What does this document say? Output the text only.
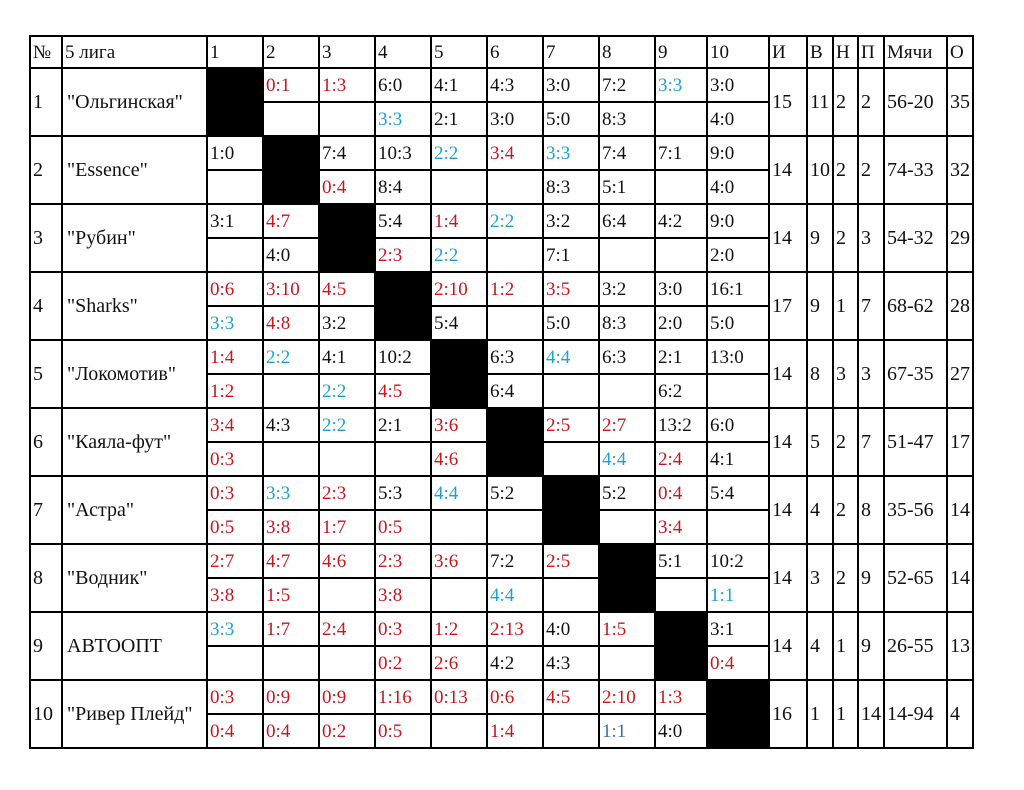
№	5 лига	1	2	3	4	5	6	7	8	9	10	И	В	Н	П	Мячи	О
1	"Ольгинская"		0:1	1:3	6:0	4:1	4:3	3:0	7:2	3:3	3:0	15	11	2	2	56-20	35
					3:3	2:1	3:0	5:0	8:3		4:0						
2	"Essence"	1:0		7:4	10:3	2:2	3:4	3:3	7:4	7:1	9:0	14	10	2	2	74-33	32
				0:4	8:4			8:3	5:1		4:0						
3	"Рубин"	3:1	4:7		5:4	1:4	2:2	3:2	6:4	4:2	9:0	14	9	2	3	54-32	29
			4:0		2:3	2:2		7:1			2:0						
4	"Sharks"	0:6	3:10	4:5		2:10	1:2	3:5	3:2	3:0	16:1	17	9	1	7	68-62	28
		3:3	4:8	3:2		5:4		5:0	8:3	2:0	5:0						
5	"Локомотив"	1:4	2:2	4:1	10:2		6:3	4:4	6:3	2:1	13:0	14	8	3	3	67-35	27
		1:2		2:2	4:5		6:4			6:2							
6	"Каяла-фут"	3:4	4:3	2:2	2:1	3:6		2:5	2:7	13:2	6:0	14	5	2	7	51-47	17
		0:3				4:6			4:4	2:4	4:1						
7	"Астра"	0:3	3:3	2:3	5:3	4:4	5:2		5:2	0:4	5:4	14	4	2	8	35-56	14
		0:5	3:8	1:7	0:5					3:4							
8	"Водник"	2:7	4:7	4:6	2:3	3:6	7:2	2:5		5:1	10:2	14	3	2	9	52-65	14
		3:8	1:5		3:8		4:4				1:1						
9	АВТООПТ	3:3	1:7	2:4	0:3	1:2	2:13	4:0	1:5		3:1	14	4	1	9	26-55	13
					0:2	2:6	4:2	4:3			0:4						
10	"Ривер Плейд"	0:3	0:9	0:9	1:16	0:13	0:6	4:5	2:10	1:3		16	1	1	14	14-94	4
		0:4	0:4	0:2	0:5		1:4		1:1	4:0							
